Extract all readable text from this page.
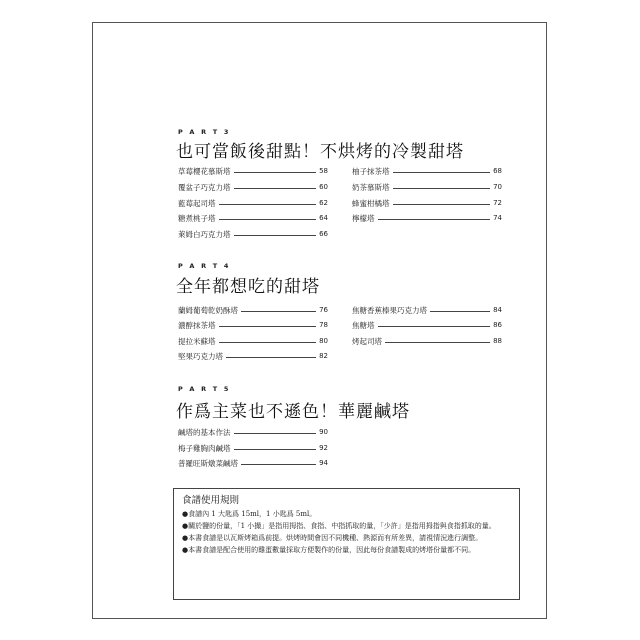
P A R T 3
也可當飯後甜點！不烘烤的冷製甜塔
草莓櫻花慕斯塔	58
覆盆子巧克力塔	60
藍莓起司塔	62
糖煮桃子塔	64
萊姆白巧克力塔	66
柚子抹茶塔	68
奶茶慕斯塔	70
蜂蜜柑橘塔	72
檸檬塔	74
P A R T 4
全年都想吃的甜塔
蘭姆葡萄乾奶酥塔	76
濃醇抹茶塔	78
提拉米蘇塔	80
堅果巧克力塔	82
焦糖香蕉榛果巧克力塔	84
焦糖塔	86
烤起司塔	88
P A R T 5
作爲主菜也不遜色！華麗鹹塔
鹹塔的基本作法	90
梅子雞胸肉鹹塔	92
普羅旺斯燉菜鹹塔	94
食譜使用規則
●食譜內 1 大匙爲 15ml，1 小匙爲 5ml。
●關於鹽的份量，「1 小撮」是指用拇指、食指、中指抓取的量，「少許」是指用拇指與食指抓取的量。
●本書食譜是以瓦斯烤箱爲前提。烘烤時間會因不同機種、熱源而有所差異，請視情況進行調整。
●本書食譜是配合使用的雞蛋數量採取方便製作的份量，因此每份食譜製成的烤塔份量都不同。
